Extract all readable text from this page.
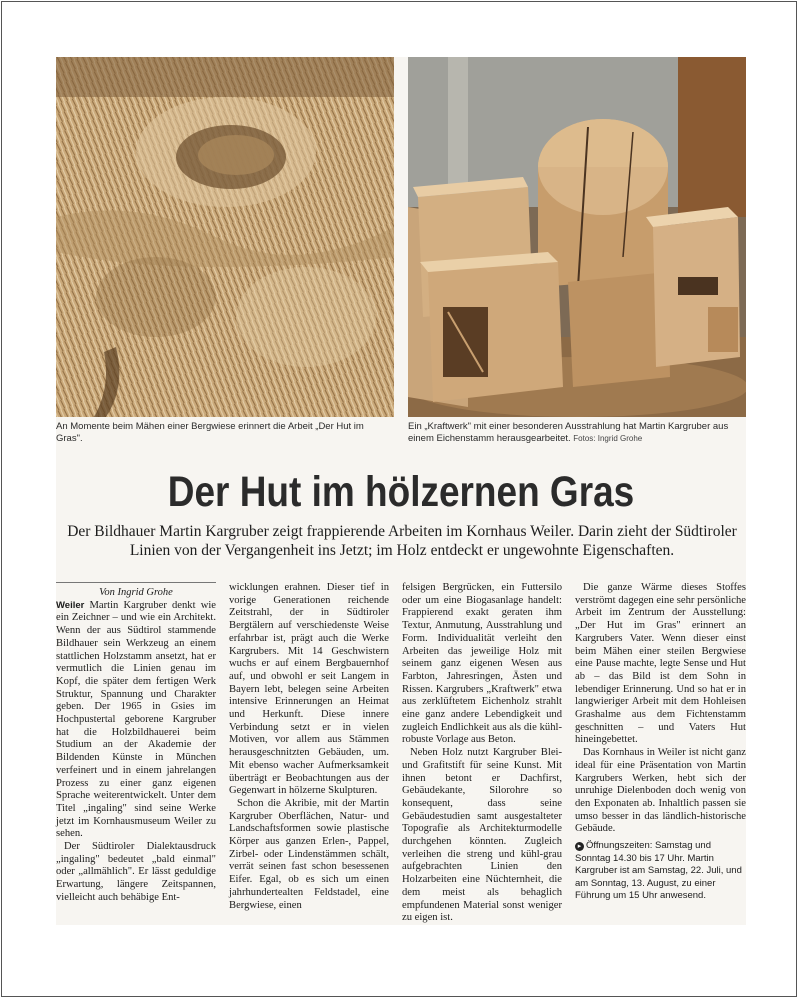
An Momente beim Mähen einer Bergwiese erinnert die Arbeit „Der Hut im Gras".
Ein „Kraftwerk" mit einer besonderen Ausstrahlung hat Martin Kargruber aus einem Eichenstamm herausgearbeitet. Fotos: Ingrid Grohe
Der Hut im hölzernen Gras

Der Bildhauer Martin Kargruber zeigt frappierende Arbeiten im Kornhaus Weiler. Darin zieht der Südtiroler Linien von der Vergangenheit ins Jetzt; im Holz entdeckt er ungewohnte Eigenschaften.

Von Ingrid Grohe

Weiler Martin Kargruber denkt wie ein Zeichner – und wie ein Architekt. Wenn der aus Südtirol stammende Bildhauer sein Werkzeug an einem stattlichen Holzstamm ansetzt, hat er vermutlich die Linien genau im Kopf, die später dem fertigen Werk Struktur, Spannung und Charakter geben. Der 1965 in Gsies im Hochpustertal geborene Kargruber hat die Holzbildhauerei beim Studium an der Akademie der Bildenden Künste in München verfeinert und in einem jahrelangen Prozess zu einer ganz eigenen Sprache weiterentwickelt. Unter dem Titel „ingaling" sind seine Werke jetzt im Kornhausmuseum Weiler zu sehen.

Der Südtiroler Dialektausdruck „ingaling" bedeutet „bald einmal" oder „allmählich". Er lässt geduldige Erwartung, längere Zeitspannen, vielleicht auch behäbige Ent-

wicklungen erahnen. Dieser tief in vorige Generationen reichende Zeitstrahl, der in Südtiroler Bergtälern auf verschiedenste Weise erfahrbar ist, prägt auch die Werke Kargrubers. Mit 14 Geschwistern wuchs er auf einem Bergbauernhof auf, und obwohl er seit Langem in Bayern lebt, belegen seine Arbeiten intensive Erinnerungen an Heimat und Herkunft. Diese innere Verbindung setzt er in vielen Motiven, vor allem aus Stämmen herausgeschnitzten Gebäuden, um. Mit ebenso wacher Aufmerksamkeit überträgt er Beobachtungen aus der Gegenwart in hölzerne Skulpturen.

Schon die Akribie, mit der Martin Kargruber Oberflächen, Natur- und Landschaftsformen sowie plastische Körper aus ganzen Erlen-, Pappel, Zirbel- oder Lindenstämmen schält, verrät seinen fast schon besessenen Eifer. Egal, ob es sich um einen jahrhundertealten Feldstadel, eine Bergwiese, einen

felsigen Bergrücken, ein Futtersilo oder um eine Biogasanlage handelt: Frappierend exakt geraten ihm Textur, Anmutung, Ausstrahlung und Form. Individualität verleiht den Arbeiten das jeweilige Holz mit seinem ganz eigenen Wesen aus Farbton, Jahresringen, Ästen und Rissen. Kargrubers „Kraftwerk" etwa aus zerklüftetem Eichenholz strahlt eine ganz andere Lebendigkeit und zugleich Endlichkeit aus als die kühl-robuste Vorlage aus Beton.

Neben Holz nutzt Kargruber Blei- und Grafitstift für seine Kunst. Mit ihnen betont er Dachfirst, Gebäudekante, Silorohre so konsequent, dass seine Gebäudestudien samt ausgestalteter Topografie als Architekturmodelle durchgehen könnten. Zugleich verleihen die streng und kühl-grau aufgebrachten Linien den Holzarbeiten eine Nüchternheit, die dem meist als behaglich empfundenen Material sonst weniger zu eigen ist.

Die ganze Wärme dieses Stoffes verströmt dagegen eine sehr persönliche Arbeit im Zentrum der Ausstellung: „Der Hut im Gras" erinnert an Kargrubers Vater. Wenn dieser einst beim Mähen einer steilen Bergwiese eine Pause machte, legte Sense und Hut ab – das Bild ist dem Sohn in lebendiger Erinnerung. Und so hat er in langwieriger Arbeit mit dem Hohleisen Grashalme aus dem Fichtenstamm geschnitten – und Vaters Hut hineingebettet.

Das Kornhaus in Weiler ist nicht ganz ideal für eine Präsentation von Martin Kargrubers Werken, hebt sich der unruhige Dielenboden doch wenig von den Exponaten ab. Inhaltlich passen sie umso besser in das ländlich-historische Gebäude.

▸ Öffnungszeiten: Samstag und Sonntag 14.30 bis 17 Uhr. Martin Kargruber ist am Samstag, 22. Juli, und am Sonntag, 13. August, zu einer Führung um 15 Uhr anwesend.
